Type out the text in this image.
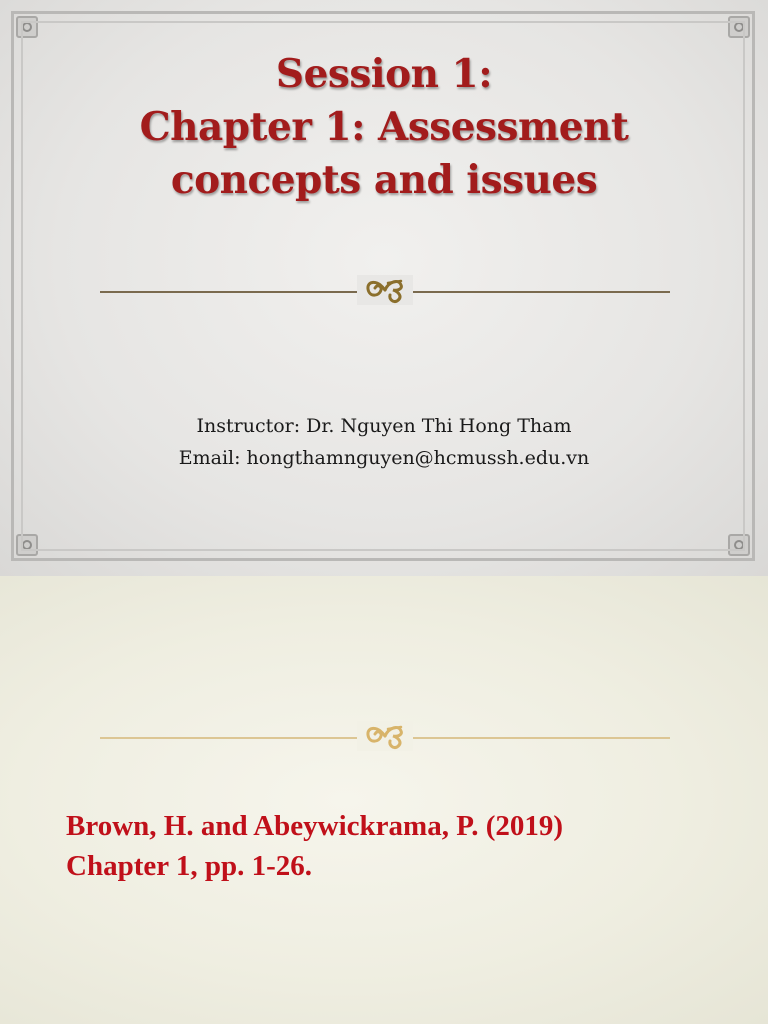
Session 1:
Chapter 1: Assessment
concepts and issues
Instructor: Dr. Nguyen Thi Hong Tham
Email: hongthamnguyen@hcmussh.edu.vn
Brown, H. and Abeywickrama, P. (2019)
Chapter 1, pp. 1-26.
